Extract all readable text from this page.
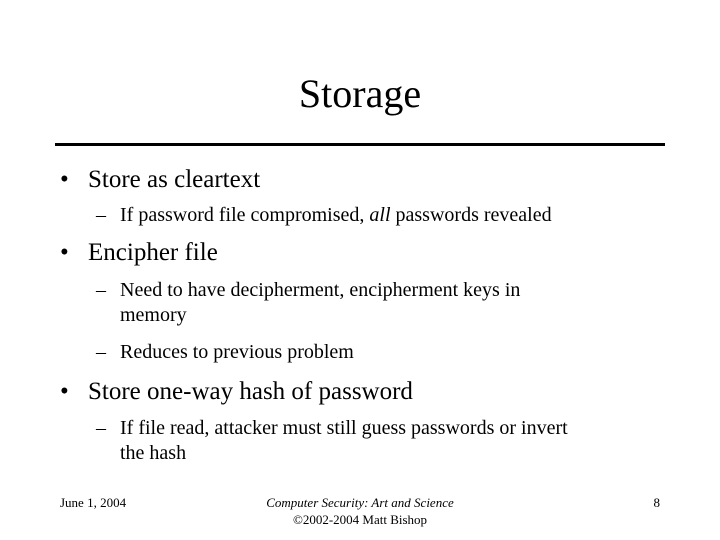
Storage
• Store as cleartext
– If password file compromised, all passwords revealed
• Encipher file
– Need to have decipherment, encipherment keys in
memory
– Reduces to previous problem
• Store one-way hash of password
– If file read, attacker must still guess passwords or invert
the hash
June 1, 2004	Computer Security: Art and Science
©2002-2004 Matt Bishop
8
